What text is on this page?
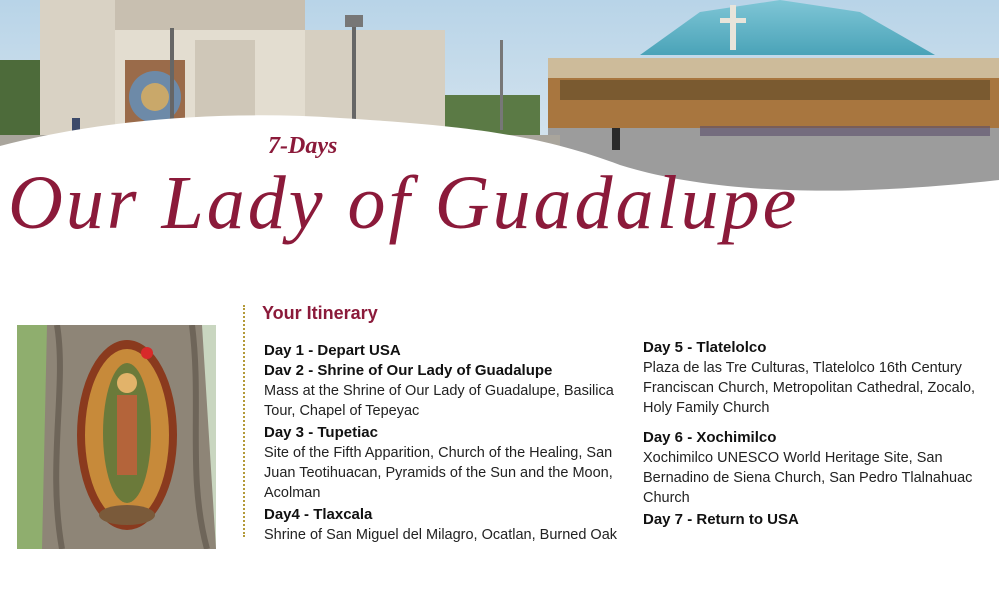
7-Days
Our Lady of Guadalupe
Your Itinerary
Day 1 - Depart USA
Dav 2 - Shrine of Our Lady of Guadalupe
Mass at the Shrine of Our Lady of Guadalupe, Basilica Tour, Chapel of Tepeyac
Day 3 - Tupetiac
Site of the Fifth Apparition, Church of the Healing, San Juan Teotihuacan, Pyramids of the Sun and the Moon, Acolman
Day4 - Tlaxcala
Shrine of San Miguel del Milagro, Ocatlan, Burned Oak
Day 5 - Tlatelolco
Plaza de las Tre Culturas, Tlatelolco 16th Century Franciscan Church, Metropolitan Cathedral, Zocalo, Holy Family Church
Day 6 - Xochimilco
Xochimilco UNESCO World Heritage Site, San Bernadino de Siena Church, San Pedro Tlalnahuac Church
Day 7 - Return to USA
